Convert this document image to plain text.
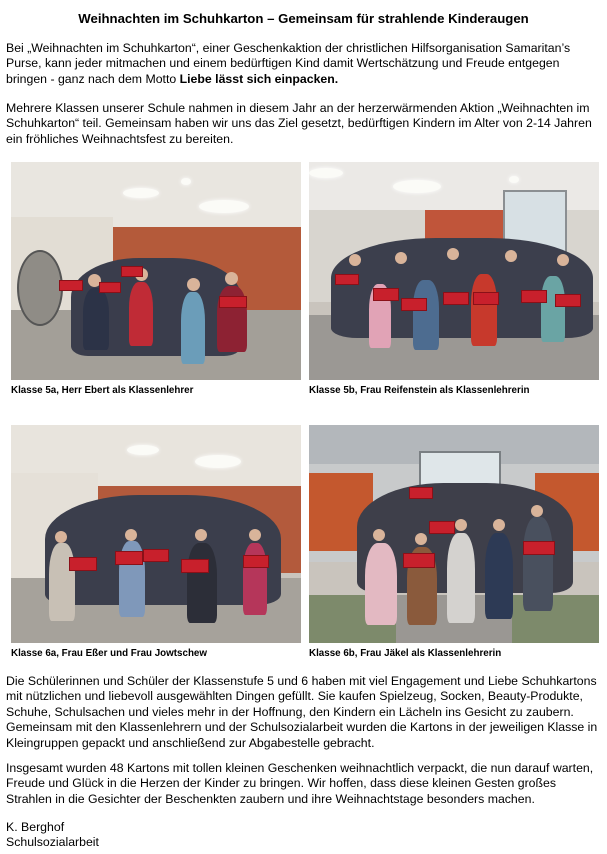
Weihnachten im Schuhkarton – Gemeinsam für strahlende Kinderaugen
Bei „Weihnachten im Schuhkarton“, einer Geschenkaktion der christlichen Hilfsorganisation Samaritan’s Purse, kann jeder mitmachen und einem bedürftigen Kind damit Wertschätzung und Freude entgegen bringen - ganz nach dem Motto Liebe lässt sich einpacken.
Mehrere Klassen unserer Schule nahmen in diesem Jahr an der herzerwärmenden Aktion „Weihnachten im Schuhkarton“ teil. Gemeinsam haben wir uns das Ziel gesetzt, bedürftigen Kindern im Alter von 2-14 Jahren ein fröhliches Weihnachtsfest zu bereiten.
Klasse 5a, Herr Ebert als Klassenlehrer	Klasse 5b, Frau Reifenstein als Klassenlehrerin
Klasse 6a, Frau Eßer und Frau Jowtschew	Klasse 6b, Frau Jäkel als Klassenlehrerin
Die Schülerinnen und Schüler der Klassenstufe 5 und 6 haben mit viel Engagement und Liebe Schuhkartons mit nützlichen und liebevoll ausgewählten Dingen gefüllt. Sie kaufen Spielzeug, Socken, Beauty-Produkte, Schuhe, Schulsachen und vieles mehr in der Hoffnung, den Kindern ein Lächeln ins Gesicht zu zaubern. Gemeinsam mit den Klassenlehrern und der Schulsozialarbeit wurden die Kartons in der jeweiligen Klasse in Kleingruppen gepackt und anschließend zur Abgabestelle gebracht.
Insgesamt wurden 48 Kartons mit tollen kleinen Geschenken weihnachtlich verpackt, die nun darauf warten, Freude und Glück in die Herzen der Kinder zu bringen. Wir hoffen, dass diese kleinen Gesten großes Strahlen in die Gesichter der Beschenkten zaubern und ihre Weihnachtstage besonders machen.
K. Berghof
Schulsozialarbeit
